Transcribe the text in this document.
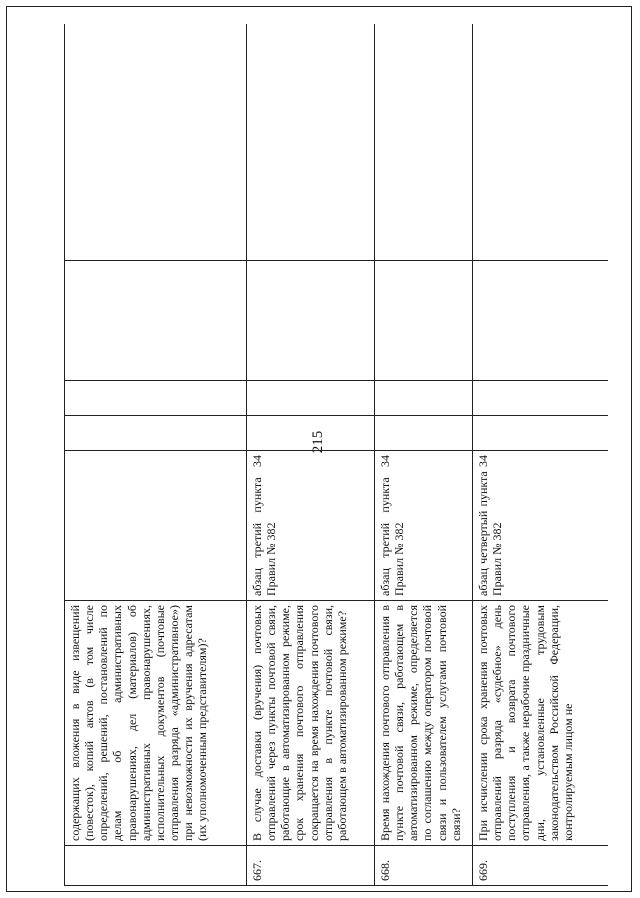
215
	содержащих вложения в виде извещений (повесток), копий актов (в том числе определений, решений, постановлений по делам об административных правонарушениях, дел (материалов) об административных правонарушениях, исполнительных документов (почтовые отправления разряда «административное») при невозможности их вручения адресатам (их уполномоченным представителям)?					
667.	В случае доставки (вручения) почтовых отправлений через пункты почтовой связи, работающие в автоматизированном режиме, срок хранения почтового отправления сокращается на время нахождения почтового отправления в пункте почтовой связи, работающем в автоматизированном режиме?	абзац третий пункта 34 Правил № 382				
668.	Время нахождения почтового отправления в пункте почтовой связи, работающем в автоматизированном режиме, определяется по соглашению между оператором почтовой связи и пользователем услугами почтовой связи?	абзац третий пункта 34 Правил № 382				
669.	При исчислении срока хранения почтовых отправлений разряда «судебное» день поступления и возврата почтового отправления, а также нерабочие праздничные дни, установленные трудовым законодательством Российской Федерации, контролируемым лицом не	абзац четвертый пункта 34 Правил № 382				
